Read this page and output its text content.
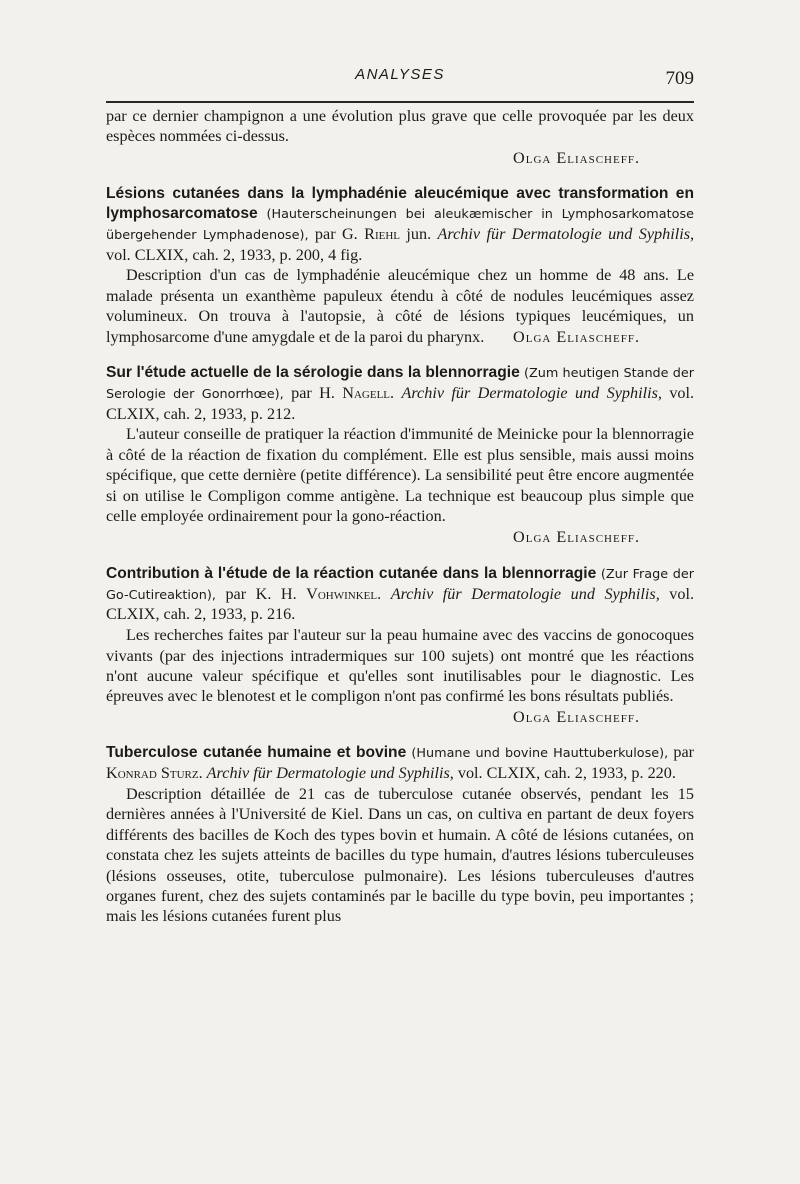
ANALYSES	709

par ce dernier champignon a une évolution plus grave que celle provoquée par les deux espèces nommées ci-dessus.

Olga Eliascheff.

Lésions cutanées dans la lymphadénie aleucémique avec transformation en lymphosarcomatose (Hauterscheinungen bei aleukæmischer in Lymphosarkomatose übergehender Lymphadenose), par G. Riehl jun. Archiv für Dermatologie und Syphilis, vol. CLXIX, cah. 2, 1933, p. 200, 4 fig.

Description d'un cas de lymphadénie aleucémique chez un homme de 48 ans. Le malade présenta un exanthème papuleux étendu à côté de nodules leucémiques assez volumineux. On trouva à l'autopsie, à côté de lésions typiques leucémiques, un lymphosarcome d'une amygdale et de la paroi du pharynx.	Olga Eliascheff.

Sur l'étude actuelle de la sérologie dans la blennorragie (Zum heutigen Stande der Serologie der Gonorrhœe), par H. Nagell. Archiv für Dermatologie und Syphilis, vol. CLXIX, cah. 2, 1933, p. 212.

L'auteur conseille de pratiquer la réaction d'immunité de Meinicke pour la blennorragie à côté de la réaction de fixation du complément. Elle est plus sensible, mais aussi moins spécifique, que cette dernière (petite différence). La sensibilité peut être encore augmentée si on utilise le Compligon comme antigène. La technique est beaucoup plus simple que celle employée ordinairement pour la gono-réaction.

Olga Eliascheff.

Contribution à l'étude de la réaction cutanée dans la blennorragie (Zur Frage der Go-Cutireaktion), par K. H. Vohwinkel. Archiv für Dermatologie und Syphilis, vol. CLXIX, cah. 2, 1933, p. 216.

Les recherches faites par l'auteur sur la peau humaine avec des vaccins de gonocoques vivants (par des injections intradermiques sur 100 sujets) ont montré que les réactions n'ont aucune valeur spécifique et qu'elles sont inutilisables pour le diagnostic. Les épreuves avec le blenotest et le compligon n'ont pas confirmé les bons résultats publiés.
Olga Eliascheff.

Tuberculose cutanée humaine et bovine (Humane und bovine Hauttuberkulose), par Konrad Sturz. Archiv für Dermatologie und Syphilis, vol. CLXIX, cah. 2, 1933, p. 220.

Description détaillée de 21 cas de tuberculose cutanée observés, pendant les 15 dernières années à l'Université de Kiel. Dans un cas, on cultiva en partant de deux foyers différents des bacilles de Koch des types bovin et humain. A côté de lésions cutanées, on constata chez les sujets atteints de bacilles du type humain, d'autres lésions tuberculeuses (lésions osseuses, otite, tuberculose pulmonaire). Les lésions tuberculeuses d'autres organes furent, chez des sujets contaminés par le bacille du type bovin, peu importantes ; mais les lésions cutanées furent plus
